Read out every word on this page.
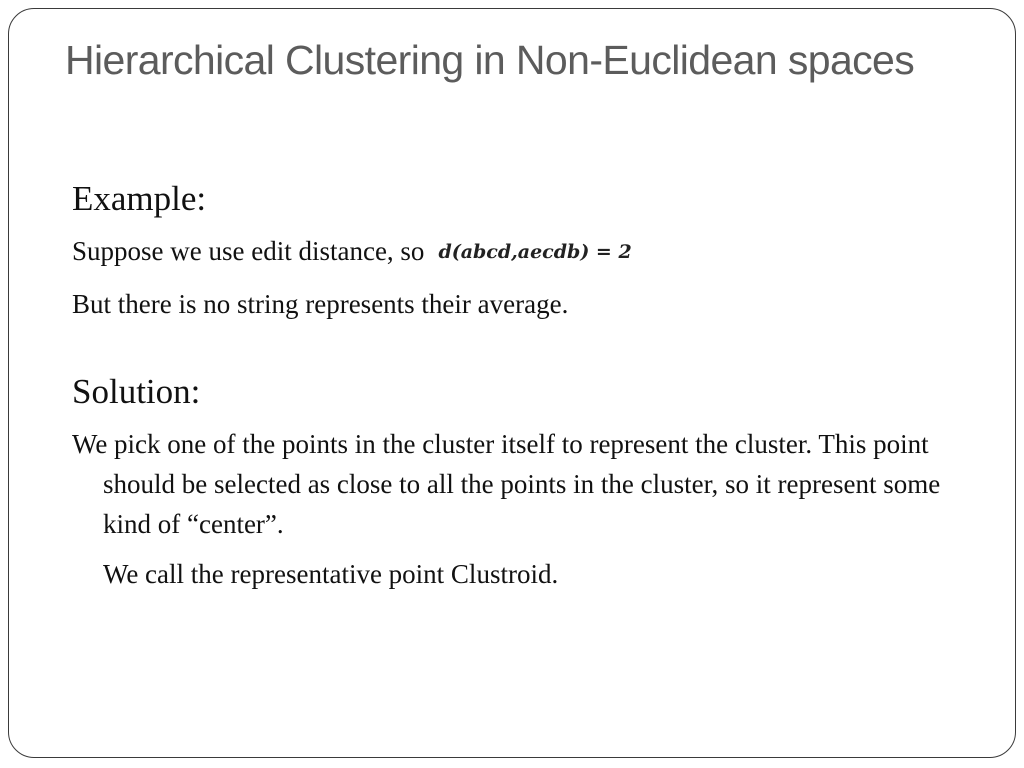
Hierarchical Clustering in Non-Euclidean spaces

Example:

Suppose we use edit distance, so d(abcd,aecdb) = 2

But there is no string represents their average.

Solution:

We pick one of the points in the cluster itself to represent the cluster. This point should be selected as close to all the points in the cluster, so it represent some kind of “center”.

We call the representative point Clustroid.
